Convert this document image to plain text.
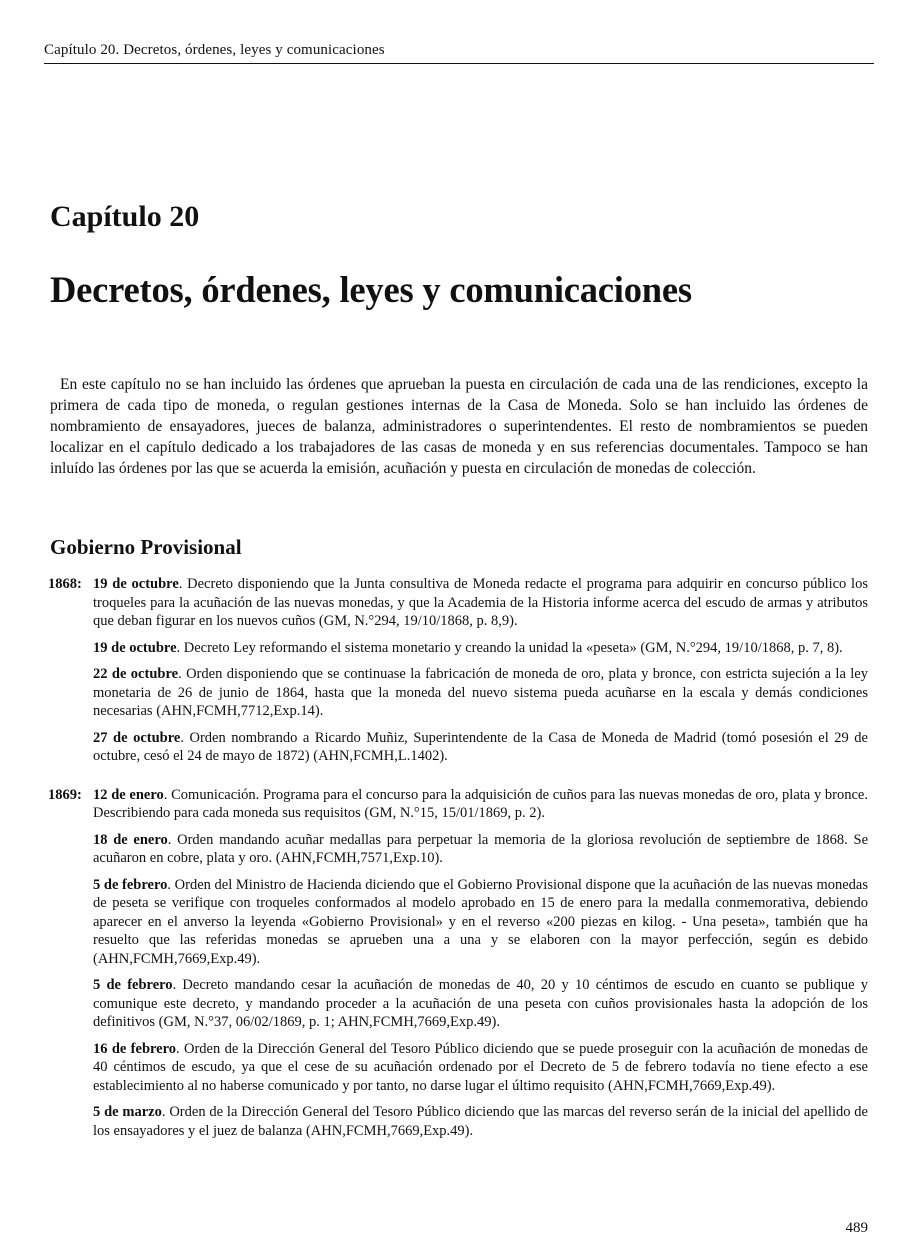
Capítulo 20. Decretos, órdenes, leyes y comunicaciones
Capítulo 20
Decretos, órdenes, leyes y comunicaciones

En este capítulo no se han incluido las órdenes que aprueban la puesta en circulación de cada una de las rendiciones, excepto la primera de cada tipo de moneda, o regulan gestiones internas de la Casa de Moneda. Solo se han incluido las órdenes de nombramiento de ensayadores, jueces de balanza, administradores o superintendentes. El resto de nombramientos se pueden localizar en el capítulo dedicado a los trabajadores de las casas de moneda y en sus referencias documentales. Tampoco se han inluído las órdenes por las que se acuerda la emisión, acuñación y puesta en circulación de monedas de colección.

Gobierno Provisional
1868: 19 de octubre. Decreto disponiendo que la Junta consultiva de Moneda redacte el programa para adquirir en concurso público los troqueles para la acuñación de las nuevas monedas, y que la Academia de la Historia informe acerca del escudo de armas y atributos que deban figurar en los nuevos cuños (GM, N.°294, 19/10/1868, p. 8,9).

19 de octubre. Decreto Ley reformando el sistema monetario y creando la unidad la «peseta» (GM, N.°294, 19/10/1868, p. 7, 8).

22 de octubre. Orden disponiendo que se continuase la fabricación de moneda de oro, plata y bronce, con estricta sujeción a la ley monetaria de 26 de junio de 1864, hasta que la moneda del nuevo sistema pueda acuñarse en la escala y demás condiciones necesarias (AHN,FCMH,7712,Exp.14).

27 de octubre. Orden nombrando a Ricardo Muñiz, Superintendente de la Casa de Moneda de Madrid (tomó posesión el 29 de octubre, cesó el 24 de mayo de 1872) (AHN,FCMH,L.1402).

1869: 12 de enero. Comunicación. Programa para el concurso para la adquisición de cuños para las nuevas monedas de oro, plata y bronce. Describiendo para cada moneda sus requisitos (GM, N.°15, 15/01/1869, p. 2).

18 de enero. Orden mandando acuñar medallas para perpetuar la memoria de la gloriosa revolución de septiembre de 1868. Se acuñaron en cobre, plata y oro. (AHN,FCMH,7571,Exp.10).

5 de febrero. Orden del Ministro de Hacienda diciendo que el Gobierno Provisional dispone que la acuñación de las nuevas monedas de peseta se verifique con troqueles conformados al modelo aprobado en 15 de enero para la medalla conmemorativa, debiendo aparecer en el anverso la leyenda «Gobierno Provisional» y en el reverso «200 piezas en kilog. - Una peseta», también que ha resuelto que las referidas monedas se aprueben una a una y se elaboren con la mayor perfección, según es debido (AHN,FCMH,7669,Exp.49).

5 de febrero. Decreto mandando cesar la acuñación de monedas de 40, 20 y 10 céntimos de escudo en cuanto se publique y comunique este decreto, y mandando proceder a la acuñación de una peseta con cuños provisionales hasta la adopción de los definitivos (GM, N.°37, 06/02/1869, p. 1; AHN,FCMH,7669,Exp.49).

16 de febrero. Orden de la Dirección General del Tesoro Público diciendo que se puede proseguir con la acuñación de monedas de 40 céntimos de escudo, ya que el cese de su acuñación ordenado por el Decreto de 5 de febrero todavía no tiene efecto a ese establecimiento al no haberse comunicado y por tanto, no darse lugar el último requisito (AHN,FCMH,7669,Exp.49).

5 de marzo. Orden de la Dirección General del Tesoro Público diciendo que las marcas del reverso serán de la inicial del apellido de los ensayadores y el juez de balanza (AHN,FCMH,7669,Exp.49).

489
